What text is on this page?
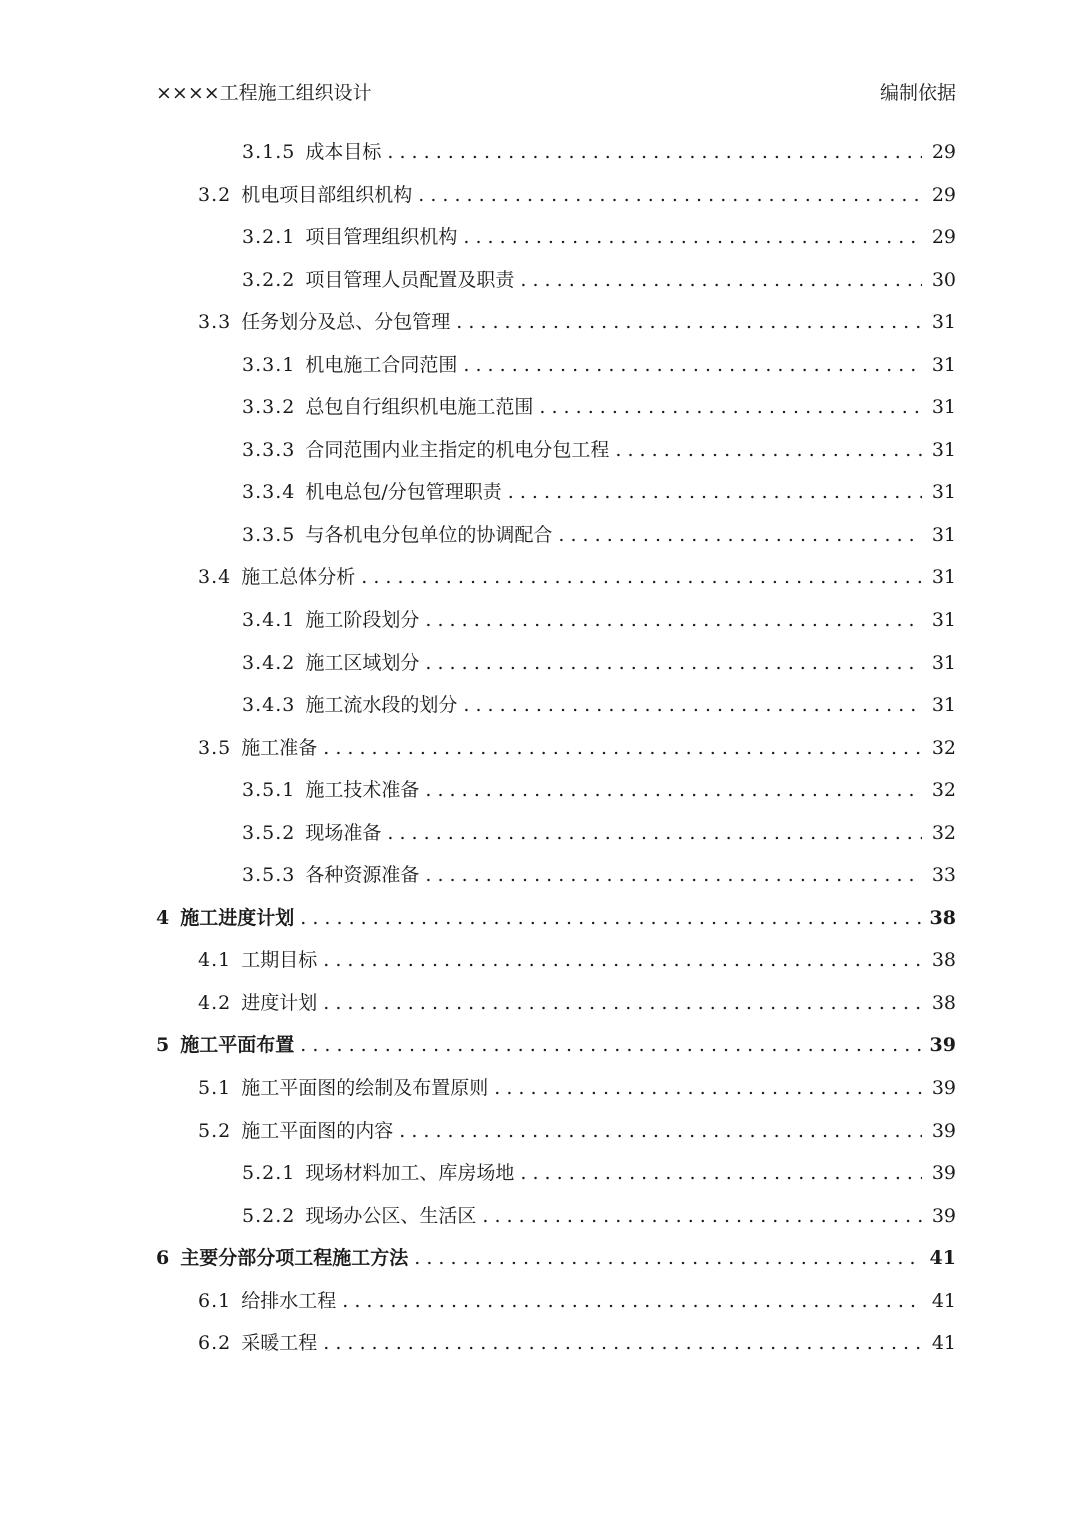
××××工程施工组织设计	编制依据
3.1.5 成本目标 . . .	29
3.2 机电项目部组织机构 . . .	29
3.2.1 项目管理组织机构 . . .	29
3.2.2 项目管理人员配置及职责 . . .	30
3.3 任务划分及总、分包管理 . . .	31
3.3.1 机电施工合同范围 . . .	31
3.3.2 总包自行组织机电施工范围 . . .	31
3.3.3 合同范围内业主指定的机电分包工程 . . .	31
3.3.4 机电总包/分包管理职责 . . .	31
3.3.5 与各机电分包单位的协调配合 . . .	31
3.4 施工总体分析 . . .	31
3.4.1 施工阶段划分 . . .	31
3.4.2 施工区域划分 . . .	31
3.4.3 施工流水段的划分 . . .	31
3.5 施工准备 . . .	32
3.5.1 施工技术准备 . . .	32
3.5.2 现场准备 . . .	32
3.5.3 各种资源准备 . . .	33
4 施工进度计划 . . .	38
4.1 工期目标 . . .	38
4.2 进度计划 . . .	38
5 施工平面布置 . . .	39
5.1 施工平面图的绘制及布置原则 . . .	39
5.2 施工平面图的内容 . . .	39
5.2.1 现场材料加工、库房场地 . . .	39
5.2.2 现场办公区、生活区 . . .	39
6 主要分部分项工程施工方法 . . .	41
6.1 给排水工程 . . .	41
6.2 采暖工程 . . .	41
